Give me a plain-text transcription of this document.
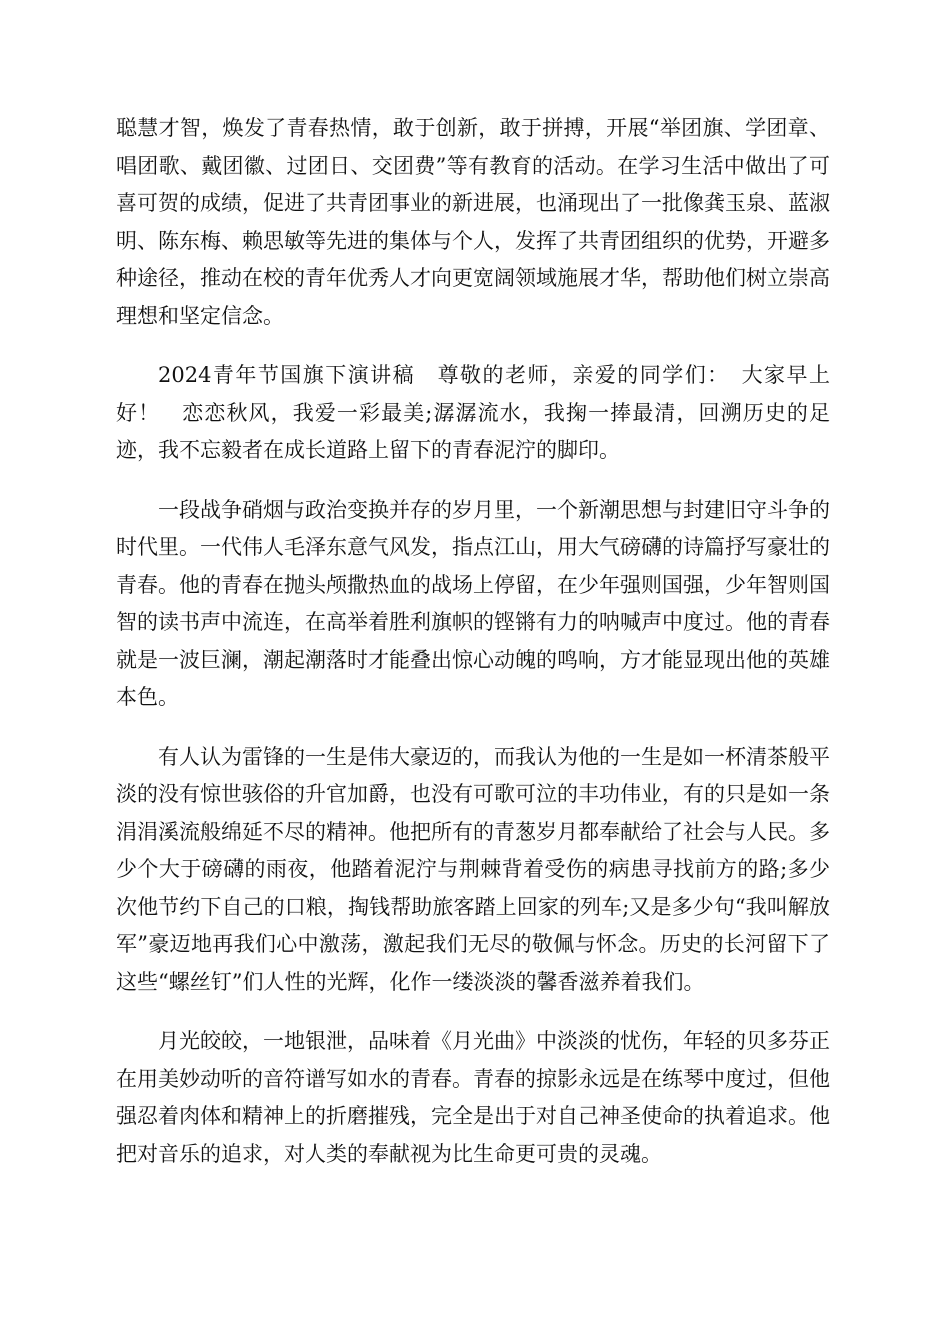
聪慧才智，焕发了青春热情，敢于创新，敢于拼搏，开展“举团旗、学团章、唱团歌、戴团徽、过团日、交团费”等有教育的活动。在学习生活中做出了可喜可贺的成绩，促进了共青团事业的新进展，也涌现出了一批像龚玉泉、蓝淑明、陈东梅、赖思敏等先进的集体与个人，发挥了共青团组织的优势，开避多种途径，推动在校的青年优秀人才向更宽阔领域施展才华，帮助他们树立崇高理想和坚定信念。

2024青年节国旗下演讲稿　尊敬的老师，亲爱的同学们：　大家早上好！　恋恋秋风，我爱一彩最美;潺潺流水，我掬一捧最清，回溯历史的足迹，我不忘毅者在成长道路上留下的青春泥泞的脚印。

一段战争硝烟与政治变换并存的岁月里，一个新潮思想与封建旧守斗争的时代里。一代伟人毛泽东意气风发，指点江山，用大气磅礴的诗篇抒写豪壮的青春。他的青春在抛头颅撒热血的战场上停留，在少年强则国强，少年智则国智的读书声中流连，在高举着胜利旗帜的铿锵有力的呐喊声中度过。他的青春就是一波巨澜，潮起潮落时才能叠出惊心动魄的鸣响，方才能显现出他的英雄本色。

有人认为雷锋的一生是伟大豪迈的，而我认为他的一生是如一杯清茶般平淡的没有惊世骇俗的升官加爵，也没有可歌可泣的丰功伟业，有的只是如一条涓涓溪流般绵延不尽的精神。他把所有的青葱岁月都奉献给了社会与人民。多少个大于磅礴的雨夜，他踏着泥泞与荆棘背着受伤的病患寻找前方的路;多少次他节约下自己的口粮，掏钱帮助旅客踏上回家的列车;又是多少句“我叫解放军”豪迈地再我们心中激荡，激起我们无尽的敬佩与怀念。历史的长河留下了这些“螺丝钉”们人性的光辉，化作一缕淡淡的馨香滋养着我们。

月光皎皎，一地银泄，品味着《月光曲》中淡淡的忧伤，年轻的贝多芬正在用美妙动听的音符谱写如水的青春。青春的掠影永远是在练琴中度过，但他强忍着肉体和精神上的折磨摧残，完全是出于对自己神圣使命的执着追求。他把对音乐的追求，对人类的奉献视为比生命更可贵的灵魂。
